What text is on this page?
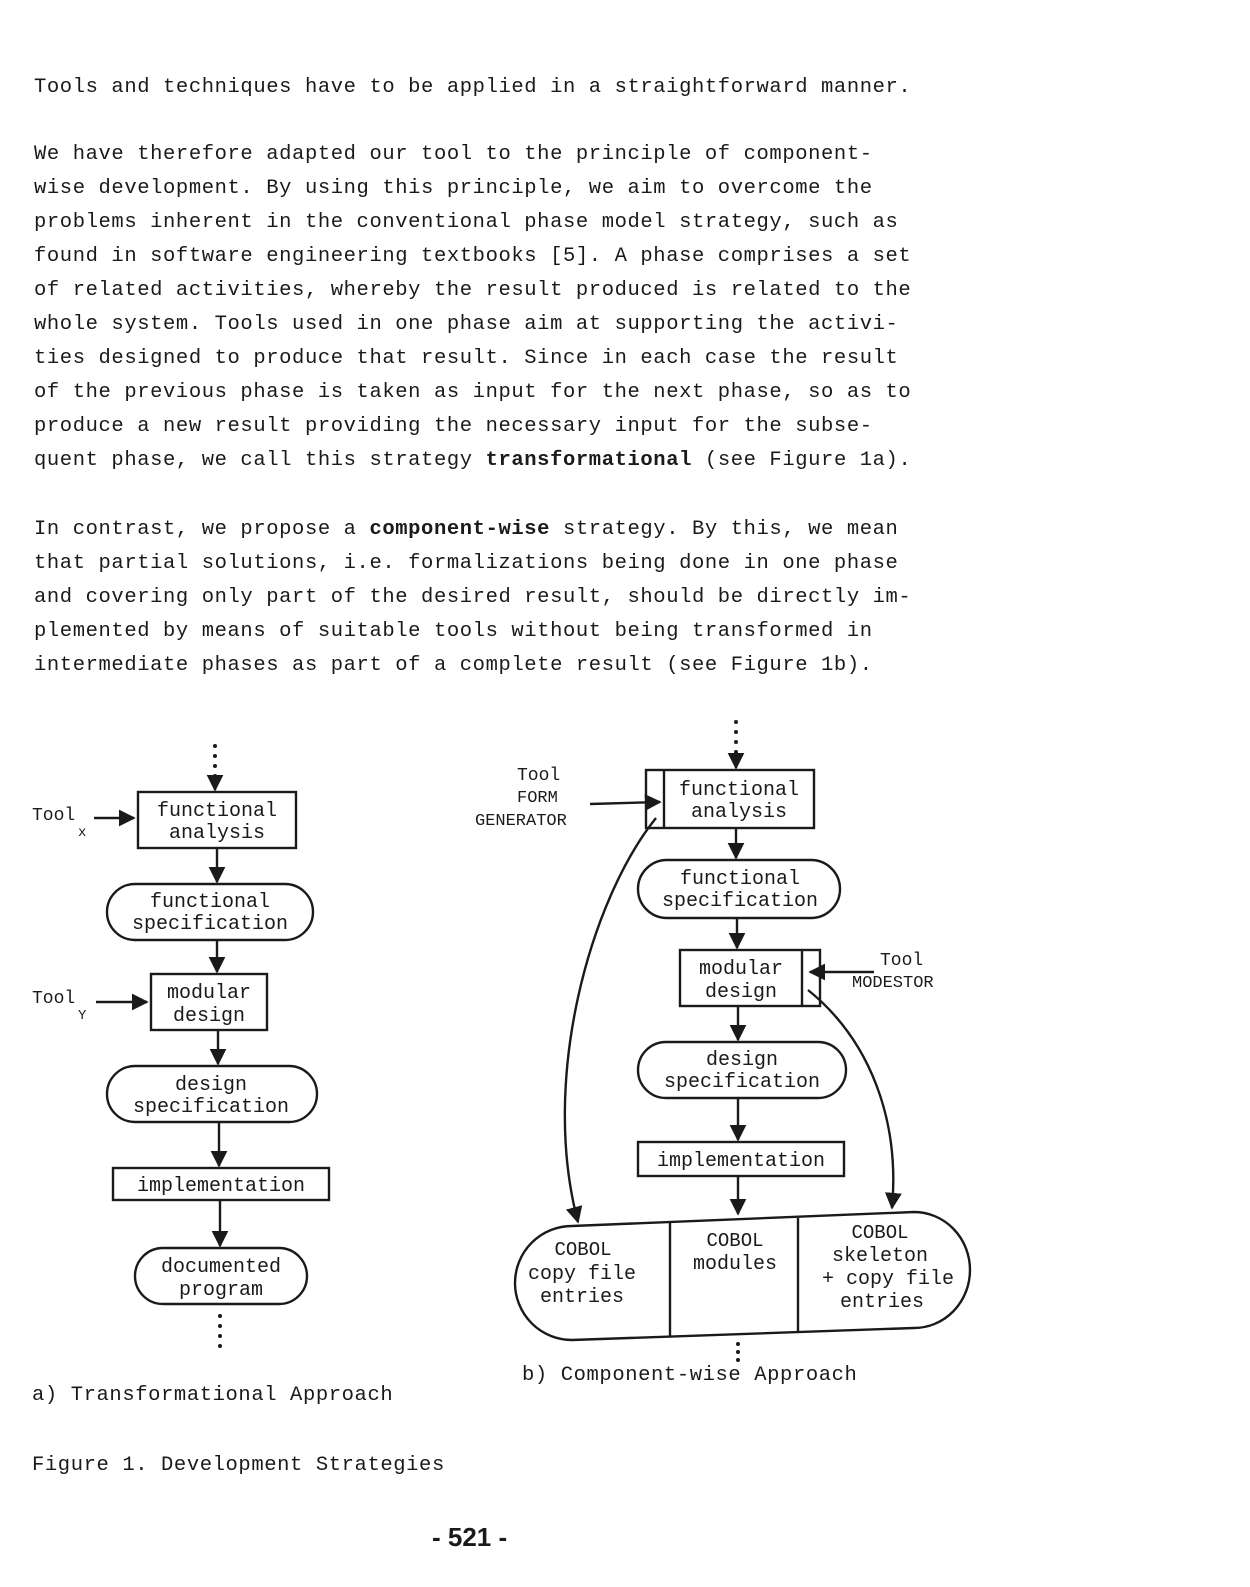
Tools and techniques have to be applied in a straightforward manner.
We have therefore adapted our tool to the principle of component-
wise development. By using this principle, we aim to overcome the
problems inherent in the conventional phase model strategy, such as
found in software engineering textbooks [5]. A phase comprises a set
of related activities, whereby the result produced is related to the
whole system. Tools used in one phase aim at supporting the activi-
ties designed to produce that result. Since in each case the result
of the previous phase is taken as input for the next phase, so as to
produce a new result providing the necessary input for the subse-
quent phase, we call this strategy transformational (see Figure 1a).
In contrast, we propose a component-wise strategy. By this, we mean
that partial solutions, i.e. formalizations being done in one phase
and covering only part of the desired result, should be directly im-
plemented by means of suitable tools without being transformed in
intermediate phases as part of a complete result (see Figure 1b).
functional
analysis
Tool
x
functional
specification
modular
design
Tool
Y
design
specification
implementation
documented
program
functional
analysis
Tool
FORM
GENERATOR
functional
specification
modular
design
Tool
MODESTOR
design
specification
implementation
COBOL
copy file
entries
COBOL
modules
COBOL
skeleton
+ copy file
entries
a) Transformational Approach
b) Component-wise Approach
Figure 1. Development Strategies
- 521 -
